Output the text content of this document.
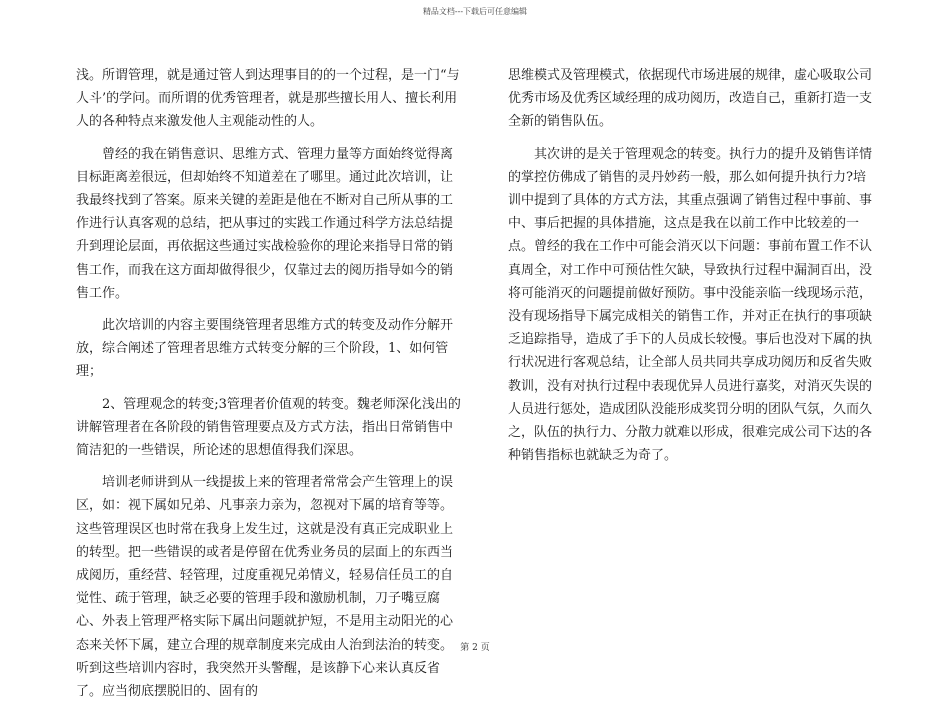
精品文档---下载后可任意编辑

浅。所谓管理，就是通过管人到达理事目的的一个过程，是一门“与人斗’的学问。而所谓的优秀管理者，就是那些擅长用人、擅长利用人的各种特点来激发他人主观能动性的人。

曾经的我在销售意识、思维方式、管理力量等方面始终觉得离目标距离差很远，但却始终不知道差在了哪里。通过此次培训，让我最终找到了答案。原来关键的差距是他在不断对自己所从事的工作进行认真客观的总结，把从事过的实践工作通过科学方法总结提升到理论层面，再依据这些通过实战检验你的理论来指导日常的销售工作，而我在这方面却做得很少，仅靠过去的阅历指导如今的销售工作。

此次培训的内容主要围绕管理者思维方式的转变及动作分解开放，综合阐述了管理者思维方式转变分解的三个阶段，1、如何管理；

2、管理观念的转变;3管理者价值观的转变。魏老师深化浅出的讲解管理者在各阶段的销售管理要点及方式方法，指出日常销售中简洁犯的一些错误，所论述的思想值得我们深思。

培训老师讲到从一线提拔上来的管理者常常会产生管理上的误区，如：视下属如兄弟、凡事亲力亲为，忽视对下属的培育等等。这些管理误区也时常在我身上发生过，这就是没有真正完成职业上的转型。把一些错误的或者是停留在优秀业务员的层面上的东西当成阅历，重经营、轻管理，过度重视兄弟情义，轻易信任员工的自觉性、疏于管理，缺乏必要的管理手段和激励机制，刀子嘴豆腐心、外表上管理严格实际下属出问题就护短，不是用主动阳光的心态来关怀下属，建立合理的规章制度来完成由人治到法治的转变。听到这些培训内容时，我突然开头警醒，是该静下心来认真反省了。应当彻底摆脱旧的、固有的

思维模式及管理模式，依据现代市场进展的规律，虚心吸取公司优秀市场及优秀区域经理的成功阅历，改造自己，重新打造一支全新的销售队伍。

其次讲的是关于管理观念的转变。执行力的提升及销售详情的掌控仿佛成了销售的灵丹妙药一般，那么如何提升执行力?培训中提到了具体的方式方法，其重点强调了销售过程中事前、事中、事后把握的具体措施，这点是我在以前工作中比较差的一点。曾经的我在工作中可能会消灭以下问题：事前布置工作不认真周全，对工作中可预估性欠缺，导致执行过程中漏洞百出，没将可能消灭的问题提前做好预防。事中没能亲临一线现场示范，没有现场指导下属完成相关的销售工作，并对正在执行的事项缺乏追踪指导，造成了手下的人员成长较慢。事后也没对下属的执行状况进行客观总结，让全部人员共同共享成功阅历和反省失败教训，没有对执行过程中表现优异人员进行嘉奖，对消灭失误的人员进行惩处，造成团队没能形成奖罚分明的团队气氛，久而久之，队伍的执行力、分散力就难以形成，很难完成公司下达的各种销售指标也就缺乏为奇了。

第 2 页
